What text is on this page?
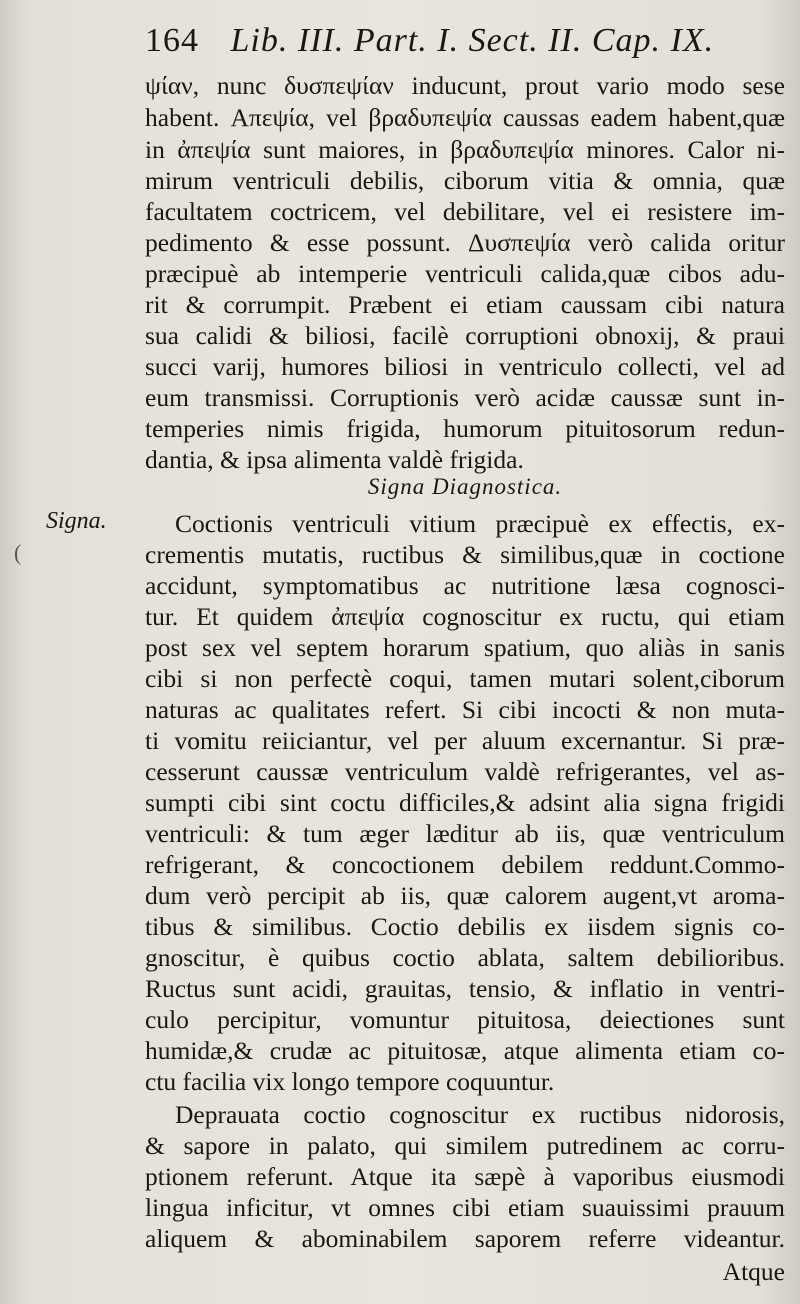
164 Lib. III. Part. I. Sect. II. Cap. IX.
Signa.
(
ψίαν, nunc δυσπεψίαν inducunt, prout vario modo sese
habent. Απεψία, vel βραδυπεψία caussas eadem habent,quæ
in ἀπεψία sunt maiores, in βραδυπεψία minores. Calor ni-
mirum ventriculi debilis, ciborum vitia & omnia, quæ
facultatem coctricem, vel debilitare, vel ei resistere im-
pedimento & esse possunt. Δυσπεψία verò calida oritur
præcipuè ab intemperie ventriculi calida,quæ cibos adu-
rit & corrumpit. Præbent ei etiam caussam cibi natura
sua calidi & biliosi, facilè corruptioni obnoxij, & praui
succi varij, humores biliosi in ventriculo collecti, vel ad
eum transmissi. Corruptionis verò acidæ caussæ sunt in-
temperies nimis frigida, humorum pituitosorum redun-
dantia, & ipsa alimenta valdè frigida.
Signa Diagnostica.
Coctionis ventriculi vitium præcipuè ex effectis, ex-
crementis mutatis, ructibus & similibus,quæ in coctione
accidunt, symptomatibus ac nutritione læsa cognosci-
tur. Et quidem ἀπεψία cognoscitur ex ructu, qui etiam
post sex vel septem horarum spatium, quo aliàs in sanis
cibi si non perfectè coqui, tamen mutari solent,ciborum
naturas ac qualitates refert. Si cibi incocti & non muta-
ti vomitu reiiciantur, vel per aluum excernantur. Si præ-
cesserunt caussæ ventriculum valdè refrigerantes, vel as-
sumpti cibi sint coctu difficiles,& adsint alia signa frigidi
ventriculi: & tum æger læditur ab iis, quæ ventriculum
refrigerant, & concoctionem debilem reddunt.Commo-
dum verò percipit ab iis, quæ calorem augent,vt aroma-
tibus & similibus. Coctio debilis ex iisdem signis co-
gnoscitur, è quibus coctio ablata, saltem debilioribus.
Ructus sunt acidi, grauitas, tensio, & inflatio in ventri-
culo percipitur, vomuntur pituitosa, deiectiones sunt
humidæ,& crudæ ac pituitosæ, atque alimenta etiam co-
ctu facilia vix longo tempore coquuntur.
Deprauata coctio cognoscitur ex ructibus nidorosis,
& sapore in palato, qui similem putredinem ac corru-
ptionem referunt. Atque ita sæpè à vaporibus eiusmodi
lingua inficitur, vt omnes cibi etiam suauissimi prauum
aliquem & abominabilem saporem referre videantur.
Atque
